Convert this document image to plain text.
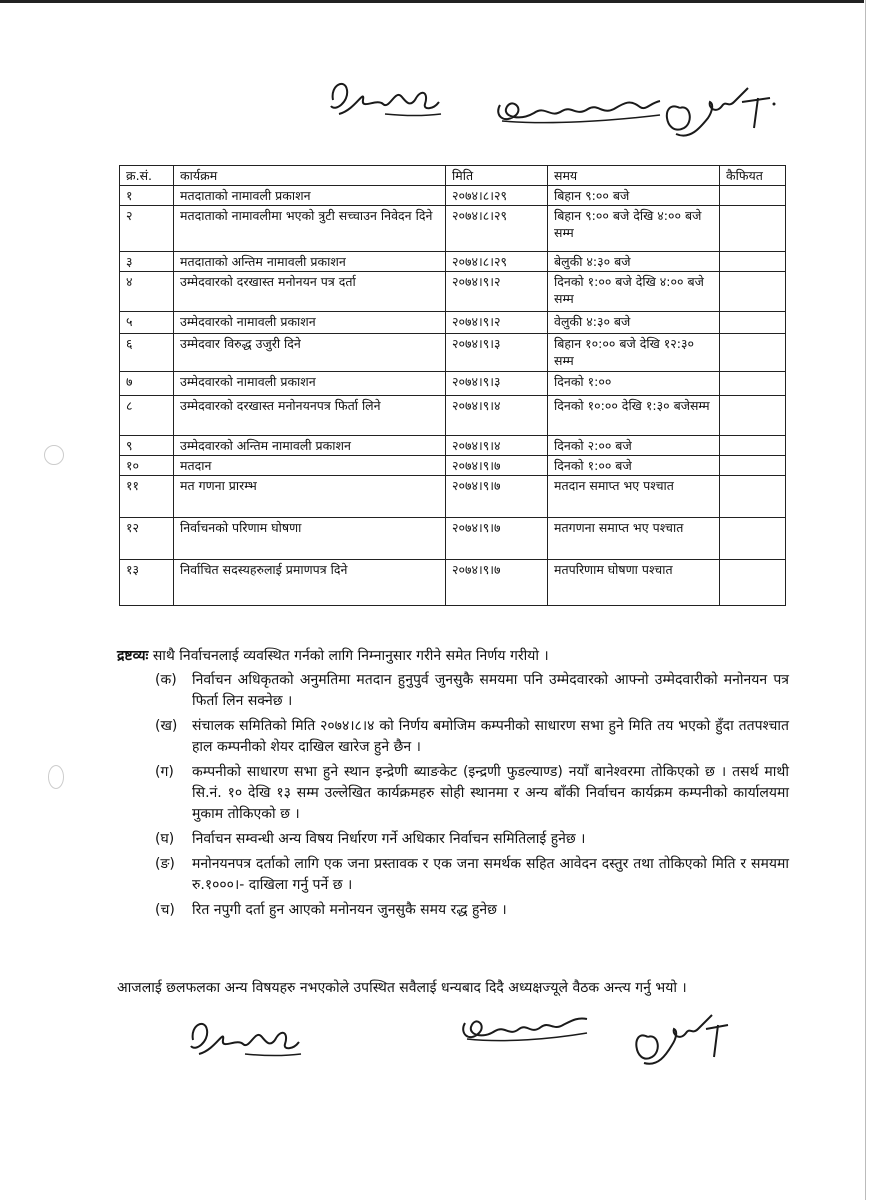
क्र.सं.	कार्यक्रम	मिति	समय	कैफियत
१	मतदाताको नामावली प्रकाशन	२०७४।८।२९	बिहान ९:०० बजे	
२	मतदाताको नामावलीमा भएको त्रुटी सच्चाउन निवेदन दिने	२०७४।८।२९	बिहान ९:०० बजे देखि ४:०० बजे सम्म	
३	मतदाताको अन्तिम नामावली प्रकाशन	२०७४।८।२९	बेलुकी ४:३० बजे	
४	उम्मेदवारको दरखास्त मनोनयन पत्र दर्ता	२०७४।९।२	दिनको १:०० बजे देखि ४:०० बजे सम्म	
५	उम्मेदवारको नामावली प्रकाशन	२०७४।९।२	वेलुकी ४:३० बजे	
६	उम्मेदवार विरुद्ध उजुरी दिने	२०७४।९।३	बिहान १०:०० बजे देखि १२:३० सम्म	
७	उम्मेदवारको नामावली प्रकाशन	२०७४।९।३	दिनको १:००	
८	उम्मेदवारको दरखास्त मनोनयनपत्र फिर्ता लिने	२०७४।९।४	दिनको १०:०० देखि १:३० बजेसम्म	
९	उम्मेदवारको अन्तिम नामावली प्रकाशन	२०७४।९।४	दिनको २:०० बजे	
१०	मतदान	२०७४।९।७	दिनको १:०० बजे	
११	मत गणना प्रारम्भ	२०७४।९।७	मतदान समाप्त भए पश्चात	
१२	निर्वाचनको परिणाम घोषणा	२०७४।९।७	मतगणना समाप्त भए पश्चात	
१३	निर्वाचित सदस्यहरुलाई प्रमाणपत्र दिने	२०७४।९।७	मतपरिणाम घोषणा पश्चात	

द्रष्टव्यः साथै निर्वाचनलाई व्यवस्थित गर्नको लागि निम्नानुसार गरीने समेत निर्णय गरीयो ।

(क)	निर्वाचन अधिकृतको अनुमतिमा मतदान हुनुपुर्व जुनसुकै समयमा पनि उम्मेदवारको आफ्नो उम्मेदवारीको मनोनयन पत्र फिर्ता लिन सक्नेछ ।
(ख)	संचालक समितिको मिति २०७४।८।४ को निर्णय बमोजिम कम्पनीको साधारण सभा हुने मिति तय भएको हुँदा ततपश्चात हाल कम्पनीको शेयर दाखिल खारेज हुने छैन ।
(ग)	कम्पनीको साधारण सभा हुने स्थान इन्द्रेणी ब्याङकेट (इन्द्रणी फुडल्याण्ड) नयाँ बानेश्वरमा तोकिएको छ । तसर्थ माथी सि.नं. १० देखि १३ सम्म उल्लेखित कार्यक्रमहरु सोही स्थानमा र अन्य बाँकी निर्वाचन कार्यक्रम कम्पनीको कार्यालयमा मुकाम तोकिएको छ ।
(घ)	निर्वाचन सम्वन्धी अन्य विषय निर्धारण गर्ने अधिकार निर्वाचन समितिलाई हुनेछ ।
(ङ)	मनोनयनपत्र दर्ताको लागि एक जना प्रस्तावक र एक जना समर्थक सहित आवेदन दस्तुर तथा तोकिएको मिति र समयमा रु.१०००।- दाखिला गर्नु पर्ने छ ।
(च)	रित नपुगी दर्ता हुन आएको मनोनयन जुनसुकै समय रद्ध हुनेछ ।

आजलाई छलफलका अन्य विषयहरु नभएकोले उपस्थित सवैलाई धन्यबाद दिदै अध्यक्षज्यूले वैठक अन्त्य गर्नु भयो ।
